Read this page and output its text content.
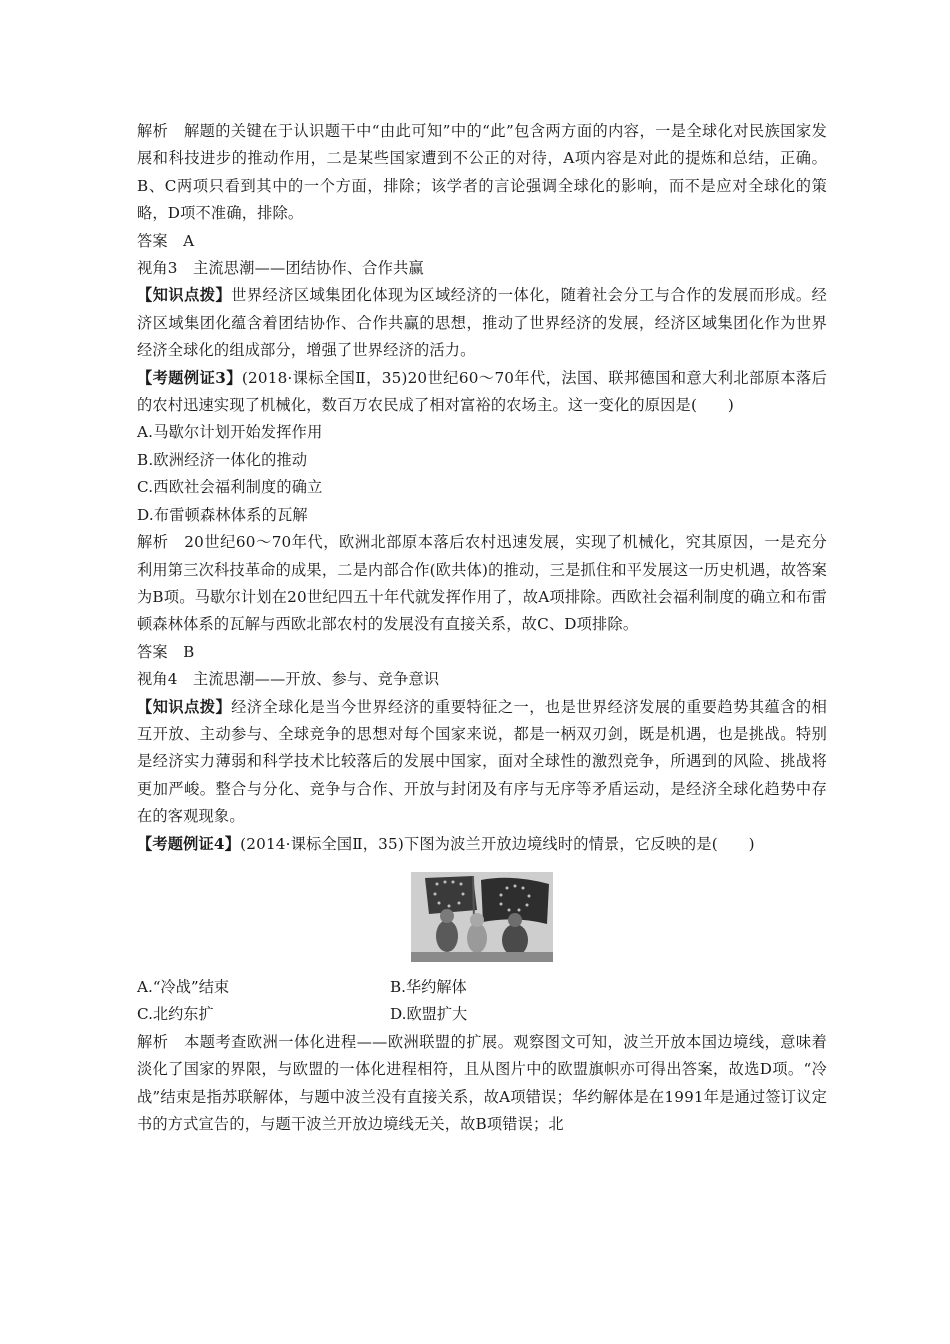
解析　解题的关键在于认识题干中“由此可知”中的“此”包含两方面的内容，一是全球化对民族国家发展和科技进步的推动作用，二是某些国家遭到不公正的对待，A项内容是对此的提炼和总结，正确。B、C两项只看到其中的一个方面，排除；该学者的言论强调全球化的影响，而不是应对全球化的策略，D项不准确，排除。

答案　A

视角3　主流思潮——团结协作、合作共赢

【知识点拨】世界经济区域集团化体现为区域经济的一体化，随着社会分工与合作的发展而形成。经济区域集团化蕴含着团结协作、合作共赢的思想，推动了世界经济的发展，经济区域集团化作为世界经济全球化的组成部分，增强了世界经济的活力。

【考题例证3】(2018·课标全国Ⅱ，35)20世纪60～70年代，法国、联邦德国和意大利北部原本落后的农村迅速实现了机械化，数百万农民成了相对富裕的农场主。这一变化的原因是(　　)

A.马歇尔计划开始发挥作用

B.欧洲经济一体化的推动

C.西欧社会福利制度的确立

D.布雷顿森林体系的瓦解

解析　20世纪60～70年代，欧洲北部原本落后农村迅速发展，实现了机械化，究其原因，一是充分利用第三次科技革命的成果，二是内部合作(欧共体)的推动，三是抓住和平发展这一历史机遇，故答案为B项。马歇尔计划在20世纪四五十年代就发挥作用了，故A项排除。西欧社会福利制度的确立和布雷顿森林体系的瓦解与西欧北部农村的发展没有直接关系，故C、D项排除。

答案　B

视角4　主流思潮——开放、参与、竞争意识

【知识点拨】经济全球化是当今世界经济的重要特征之一，也是世界经济发展的重要趋势其蕴含的相互开放、主动参与、全球竞争的思想对每个国家来说，都是一柄双刃剑，既是机遇，也是挑战。特别是经济实力薄弱和科学技术比较落后的发展中国家，面对全球性的激烈竞争，所遇到的风险、挑战将更加严峻。整合与分化、竞争与合作、开放与封闭及有序与无序等矛盾运动，是经济全球化趋势中存在的客观现象。

【考题例证4】(2014·课标全国Ⅱ，35)下图为波兰开放边境线时的情景，它反映的是(　　)

A.“冷战”结束	B.华约解体
C.北约东扩	D.欧盟扩大

解析　本题考查欧洲一体化进程——欧洲联盟的扩展。观察图文可知，波兰开放本国边境线，意味着淡化了国家的界限，与欧盟的一体化进程相符，且从图片中的欧盟旗帜亦可得出答案，故选D项。“冷战”结束是指苏联解体，与题中波兰没有直接关系，故A项错误；华约解体是在1991年是通过签订议定书的方式宣告的，与题干波兰开放边境线无关，故B项错误；北
